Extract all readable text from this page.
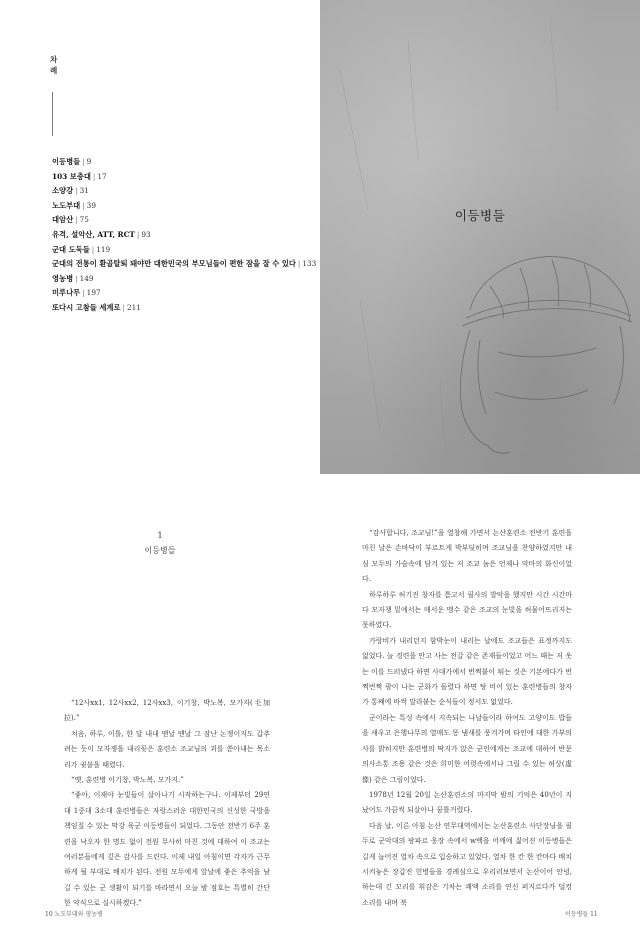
차
례
이등병들 | 9
103 보충대 | 17
소양강 | 31
노도부대 | 39
대암산 | 75
유격, 설악산, ATT, RCT | 93
군대 도둑들 | 119
군대의 전통이 환골탈퇴 돼야만 대한민국의 부모님들이 편한 잠을 잘 수 있다 | 133
영농병 | 149
미루나무 | 197
또다시 고참들 세계로 | 211
이등병들
1
이등병들

“12사xx1, 12사xx2, 12사xx3, 이기창, 박노복, 모가자(毛加拉).”

처음, 하루, 이틀, 한 달 내내 맨날 맨날 그 잠난 논쟁이지도 갑추려는 듯이 모자쟁을 내리꽂은 훈련소 조교님의 괴를 쏟아내는 목소리가 귓불을 때렸다.

“옛, 훈련병 이기창, 박노복, 모가지.”

“좋아, 이제야 눈빛들이 살아나기 시작하는구나. 이제부터 29연대 1중대 3소대 훈련병들은 자랑스러운 대한민국의 신성한 국방을 책임질 수 있는 막강 육군 이등병들이 되었다. 그동안 전반기 6주 훈련을 낙오자 한 명도 없이 전원 무사히 마친 것에 대하여 이 조교는 여러분들에게 깊은 감사를 드린다. 이제 내일 아침이면 각자가 근무하게 될 부대로 배치가 된다. 전원 모두에게 앞날에 좋은 추억을 남길 수 있는 군 생활이 되기를 바라면서 오늘 밤 점호는 특별히 간단한 약식으로 실시하겠다.”

“감사합니다, 조교님!”을 열창해 가면서 논산훈련소 전반기 훈련을 마친 날은 손바닥이 부르트게 박부딪히며 조교님을 찬양하였지만 내심 모두의 가슴속에 담겨 있는 저 조교 놈은 언제나 악마의 화신이었다.

하루하루 허기진 창자를 틈고서 필사의 발악을 했지만 시간 시간마다 모자챙 밑에서는 매서운 맹수 같은 조교의 눈빛을 허물어뜨리지는 못하였다.

가랑비가 내리던지 함박눈이 내리는 날에도 조교들은 표정까지도 없었다. 늘 경련을 안고 사는 전갈 같은 존재들이었고 어느 때는 저 옷는 이를 드러냈다 하면 사대가에서 번쩍붙이 튀는 것은 기본에다가 번쩍번쩍 광이 나는 군화가 들렸다 하면 탕 비어 있는 훈련병들의 창자가 통째에 바싹 말라붙는 순식들이 정서도 없었다.

군이라는 특성 속에서 지속되는 나날들이라 하여도 고양이도 밥들을 새우고 은행나무의 열매도 똥 냄새를 풍겨가며 타인에 대한 가부의사를 밝히지만 훈련병의 딱지가 앉은 군인에게는 조교에 대하여 반문 의사소통 조용 같은 것은 희미한 어렷속에서나 그릴 수 있는 허상(虛像) 같은 그림이었다.

1978년 12월 20일 논산훈련소의 마지막 밤의 기억은 40년이 지났어도 가끔씩 되살아나 꿈틀거렸다.

다음 날, 이른 아침 논산 연무대역에서는 논산훈련소 사단장님을 필두로 군악대의 팡파르 웅장 속에서 w백을 어깨에 짊어진 이등병들은 길게 늘어진 열차 속으로 입승하고 있었다. 열차 한 칸 한 칸마다 배치시켜놓은 장갑진 헌병들을 경례심으로 우리러보면서 논산이어 안녕, 하는데 긴 꼬리를 휘감은 기차는 쾌액 소리를 연신 퍼지르다가 덜컹 소리를 내며 북

10 노도부대와 영농병	이등병들 11
